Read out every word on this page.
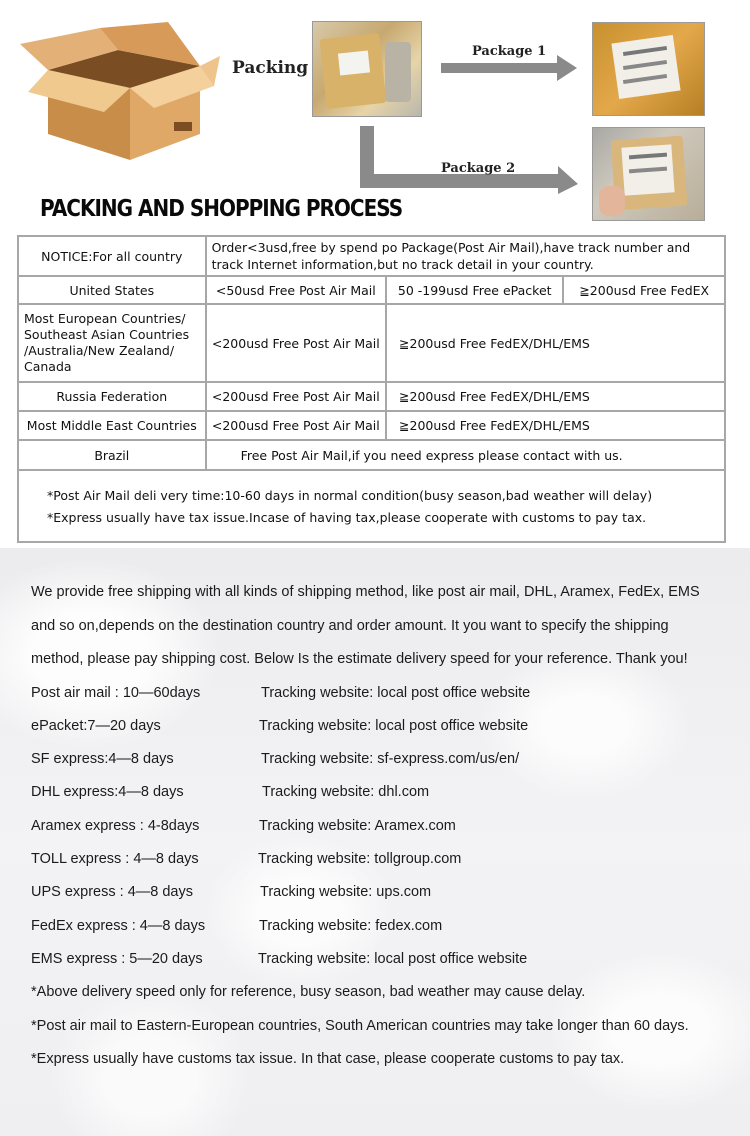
Packing
Package 1
Package 2
PACKING AND SHOPPING PROCESS
NOTICE:For all country	Order<3usd,free by spend po Package(Post Air Mail),have track number and track Internet information,but no track detail in your country.		
United States	<50usd Free Post Air Mail	50 -199usd Free ePacket	≧200usd Free FedEX
Most European Countries/ Southeast Asian Countries /Australia/New Zealand/ Canada	<200usd Free Post Air Mail	≧200usd Free FedEX/DHL/EMS	
Russia Federation	<200usd Free Post Air Mail	≧200usd Free FedEX/DHL/EMS	
Most Middle East Countries	<200usd Free Post Air Mail	≧200usd Free FedEX/DHL/EMS	
Brazil	Free Post Air Mail,if you need express please contact with us.		

*Post Air Mail deli very time:10-60 days in normal condition(busy season,bad weather will delay)
*Express usually have tax issue.Incase of having tax,please cooperate with customs to pay tax.			

We provide free shipping with all kinds of shipping method, like post air mail, DHL, Aramex, FedEx, EMS

and so on,depends on the destination country and order amount. It you want to specify the shipping

method, please pay shipping cost. Below Is the estimate delivery speed for your reference. Thank you!

Post air mail : 10—60days	Tracking website: local post office website

ePacket:7—20 days	Tracking website: local post office website

SF express:4—8 days	Tracking website: sf-express.com/us/en/

DHL express:4—8 days	Tracking website: dhl.com

Aramex express : 4-8days	Tracking website: Aramex.com

TOLL express : 4—8 days	Tracking website: tollgroup.com

UPS express : 4—8 days	Tracking website: ups.com

FedEx express : 4—8 days	Tracking website: fedex.com

EMS express : 5—20 days	Tracking website: local post office website

*Above delivery speed only for reference, busy season, bad weather may cause delay.

*Post air mail to Eastern-European countries, South American countries may take longer than 60 days.

*Express usually have customs tax issue. In that case, please cooperate customs to pay tax.
